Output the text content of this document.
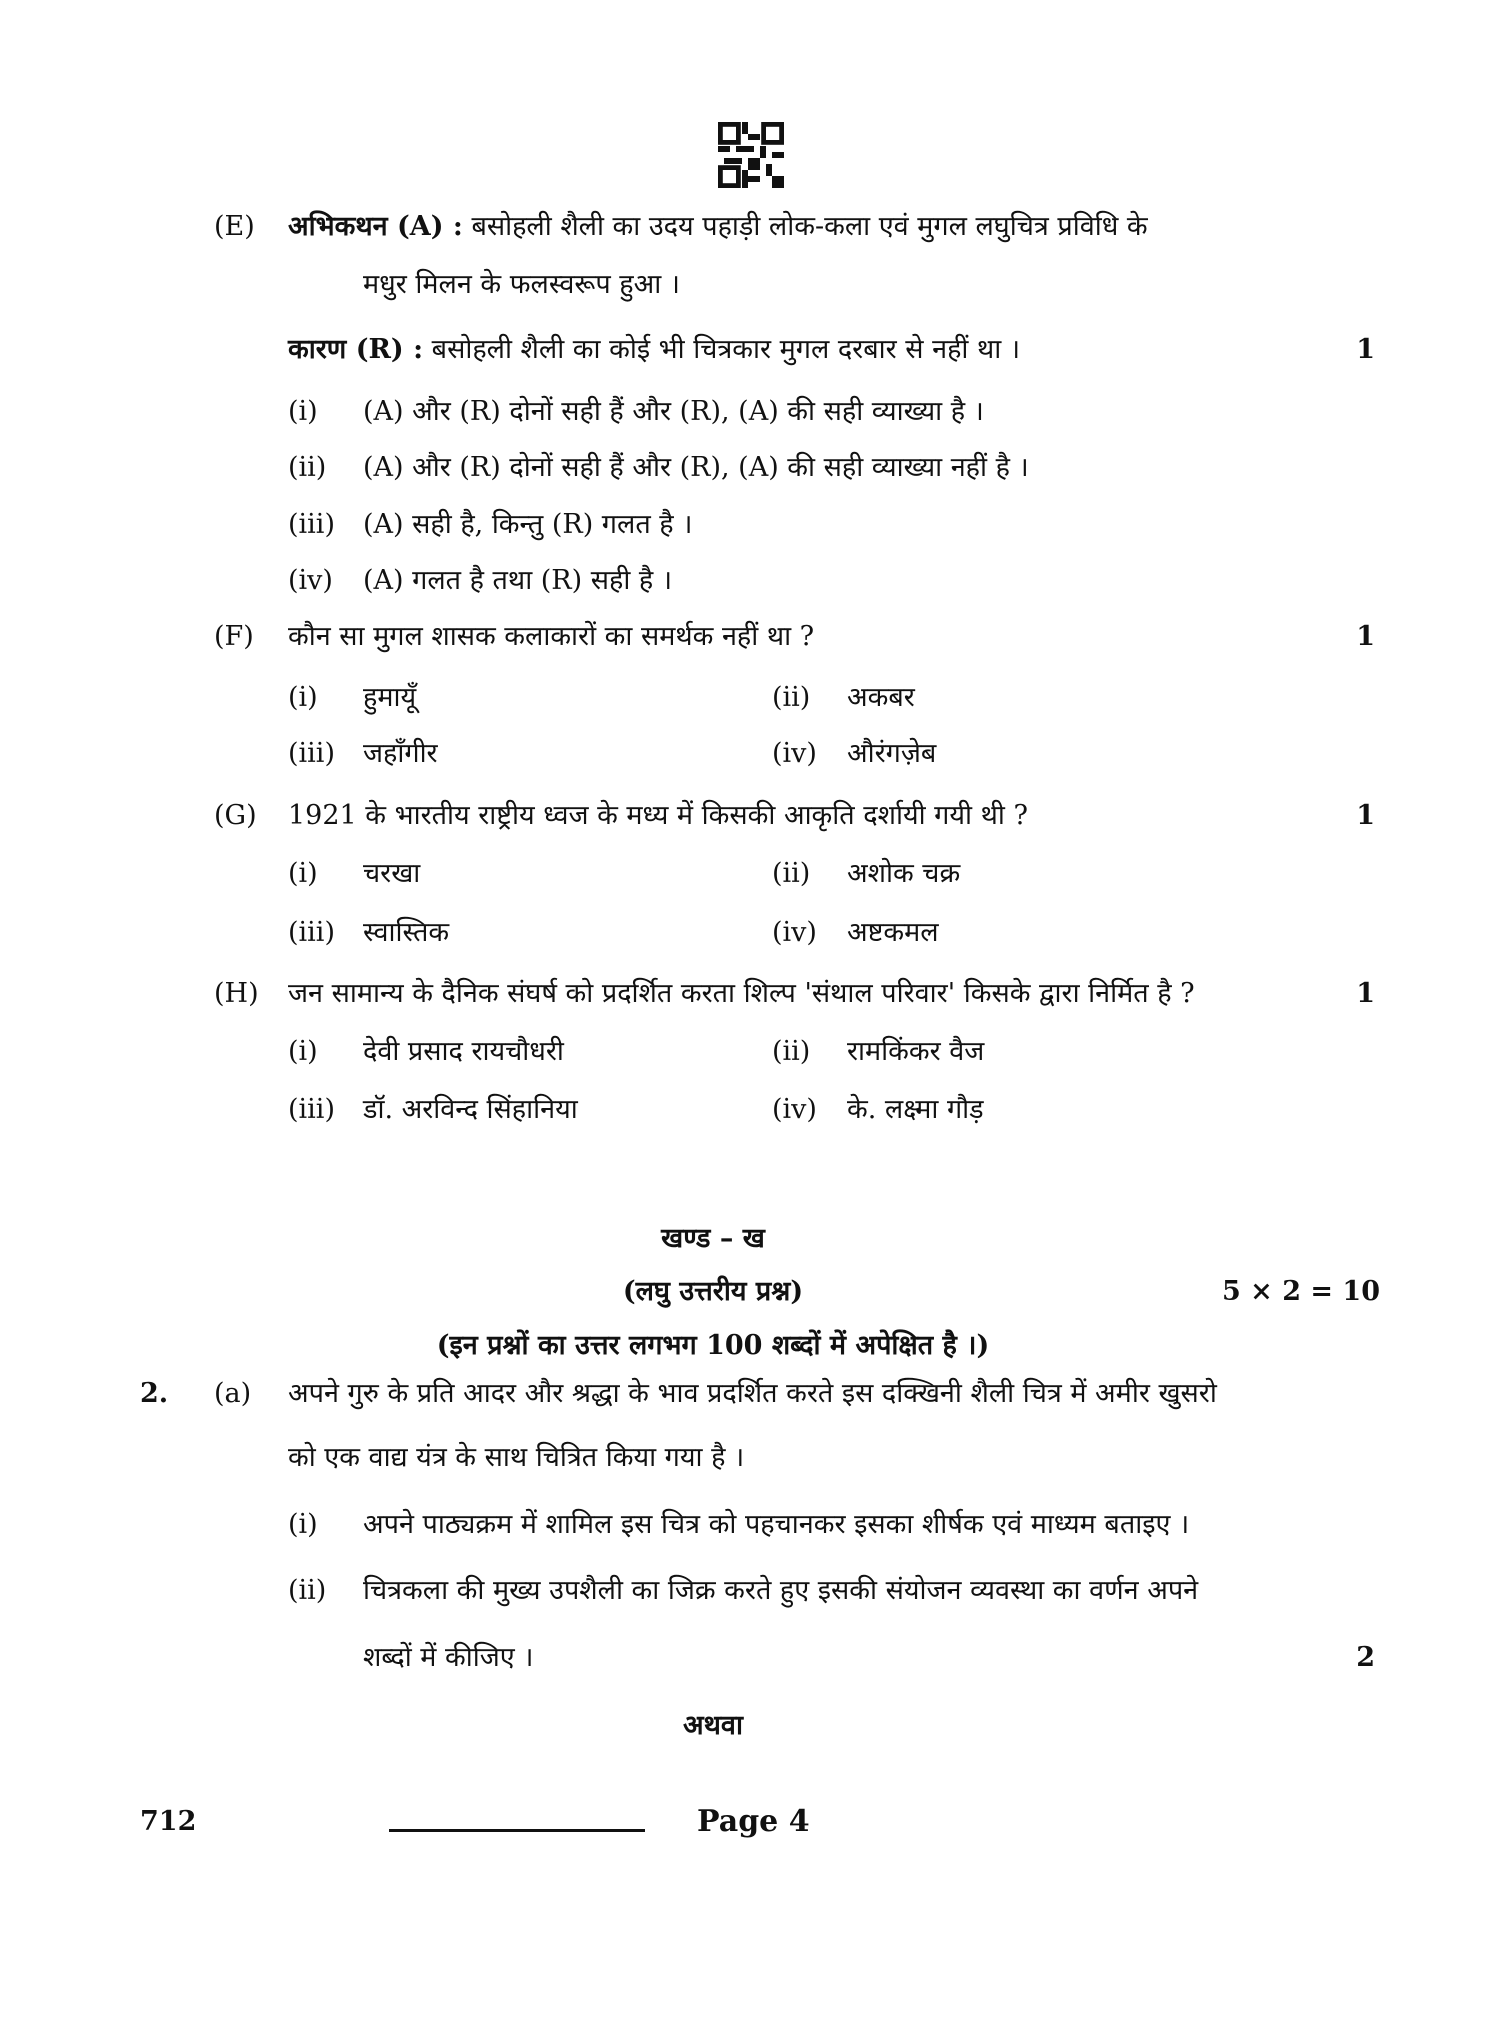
(E) अभिकथन (A) : बसोहली शैली का उदय पहाड़ी लोक-कला एवं मुगल लघुचित्र प्रविधि के
मधुर मिलन के फलस्वरूप हुआ ।
कारण (R) : बसोहली शैली का कोई भी चित्रकार मुगल दरबार से नहीं था ।	1
(i) (A) और (R) दोनों सही हैं और (R), (A) की सही व्याख्या है ।
(ii) (A) और (R) दोनों सही हैं और (R), (A) की सही व्याख्या नहीं है ।
(iii) (A) सही है, किन्तु (R) गलत है ।
(iv) (A) गलत है तथा (R) सही है ।
(F) कौन सा मुगल शासक कलाकारों का समर्थक नहीं था ?	1
(i) हुमायूँ	(ii) अकबर
(iii) जहाँगीर	(iv) औरंगज़ेब
(G) 1921 के भारतीय राष्ट्रीय ध्वज के मध्य में किसकी आकृति दर्शायी गयी थी ?	1
(i) चरखा	(ii) अशोक चक्र
(iii) स्वास्तिक	(iv) अष्टकमल
(H) जन सामान्य के दैनिक संघर्ष को प्रदर्शित करता शिल्प 'संथाल परिवार' किसके द्वारा निर्मित है ?	1
(i) देवी प्रसाद रायचौधरी	(ii) रामकिंकर वैज
(iii) डॉ. अरविन्द सिंहानिया	(iv) के. लक्ष्मा गौड़
खण्ड – ख
(लघु उत्तरीय प्रश्न)	5 × 2 = 10
(इन प्रश्नों का उत्तर लगभग 100 शब्दों में अपेक्षित है ।)
2. (a) अपने गुरु के प्रति आदर और श्रद्धा के भाव प्रदर्शित करते इस दक्खिनी शैली चित्र में अमीर खुसरो
को एक वाद्य यंत्र के साथ चित्रित किया गया है ।
(i) अपने पाठ्यक्रम में शामिल इस चित्र को पहचानकर इसका शीर्षक एवं माध्यम बताइए ।
(ii) चित्रकला की मुख्य उपशैली का जिक्र करते हुए इसकी संयोजन व्यवस्था का वर्णन अपने
शब्दों में कीजिए ।	2
अथवा
712	Page 4
